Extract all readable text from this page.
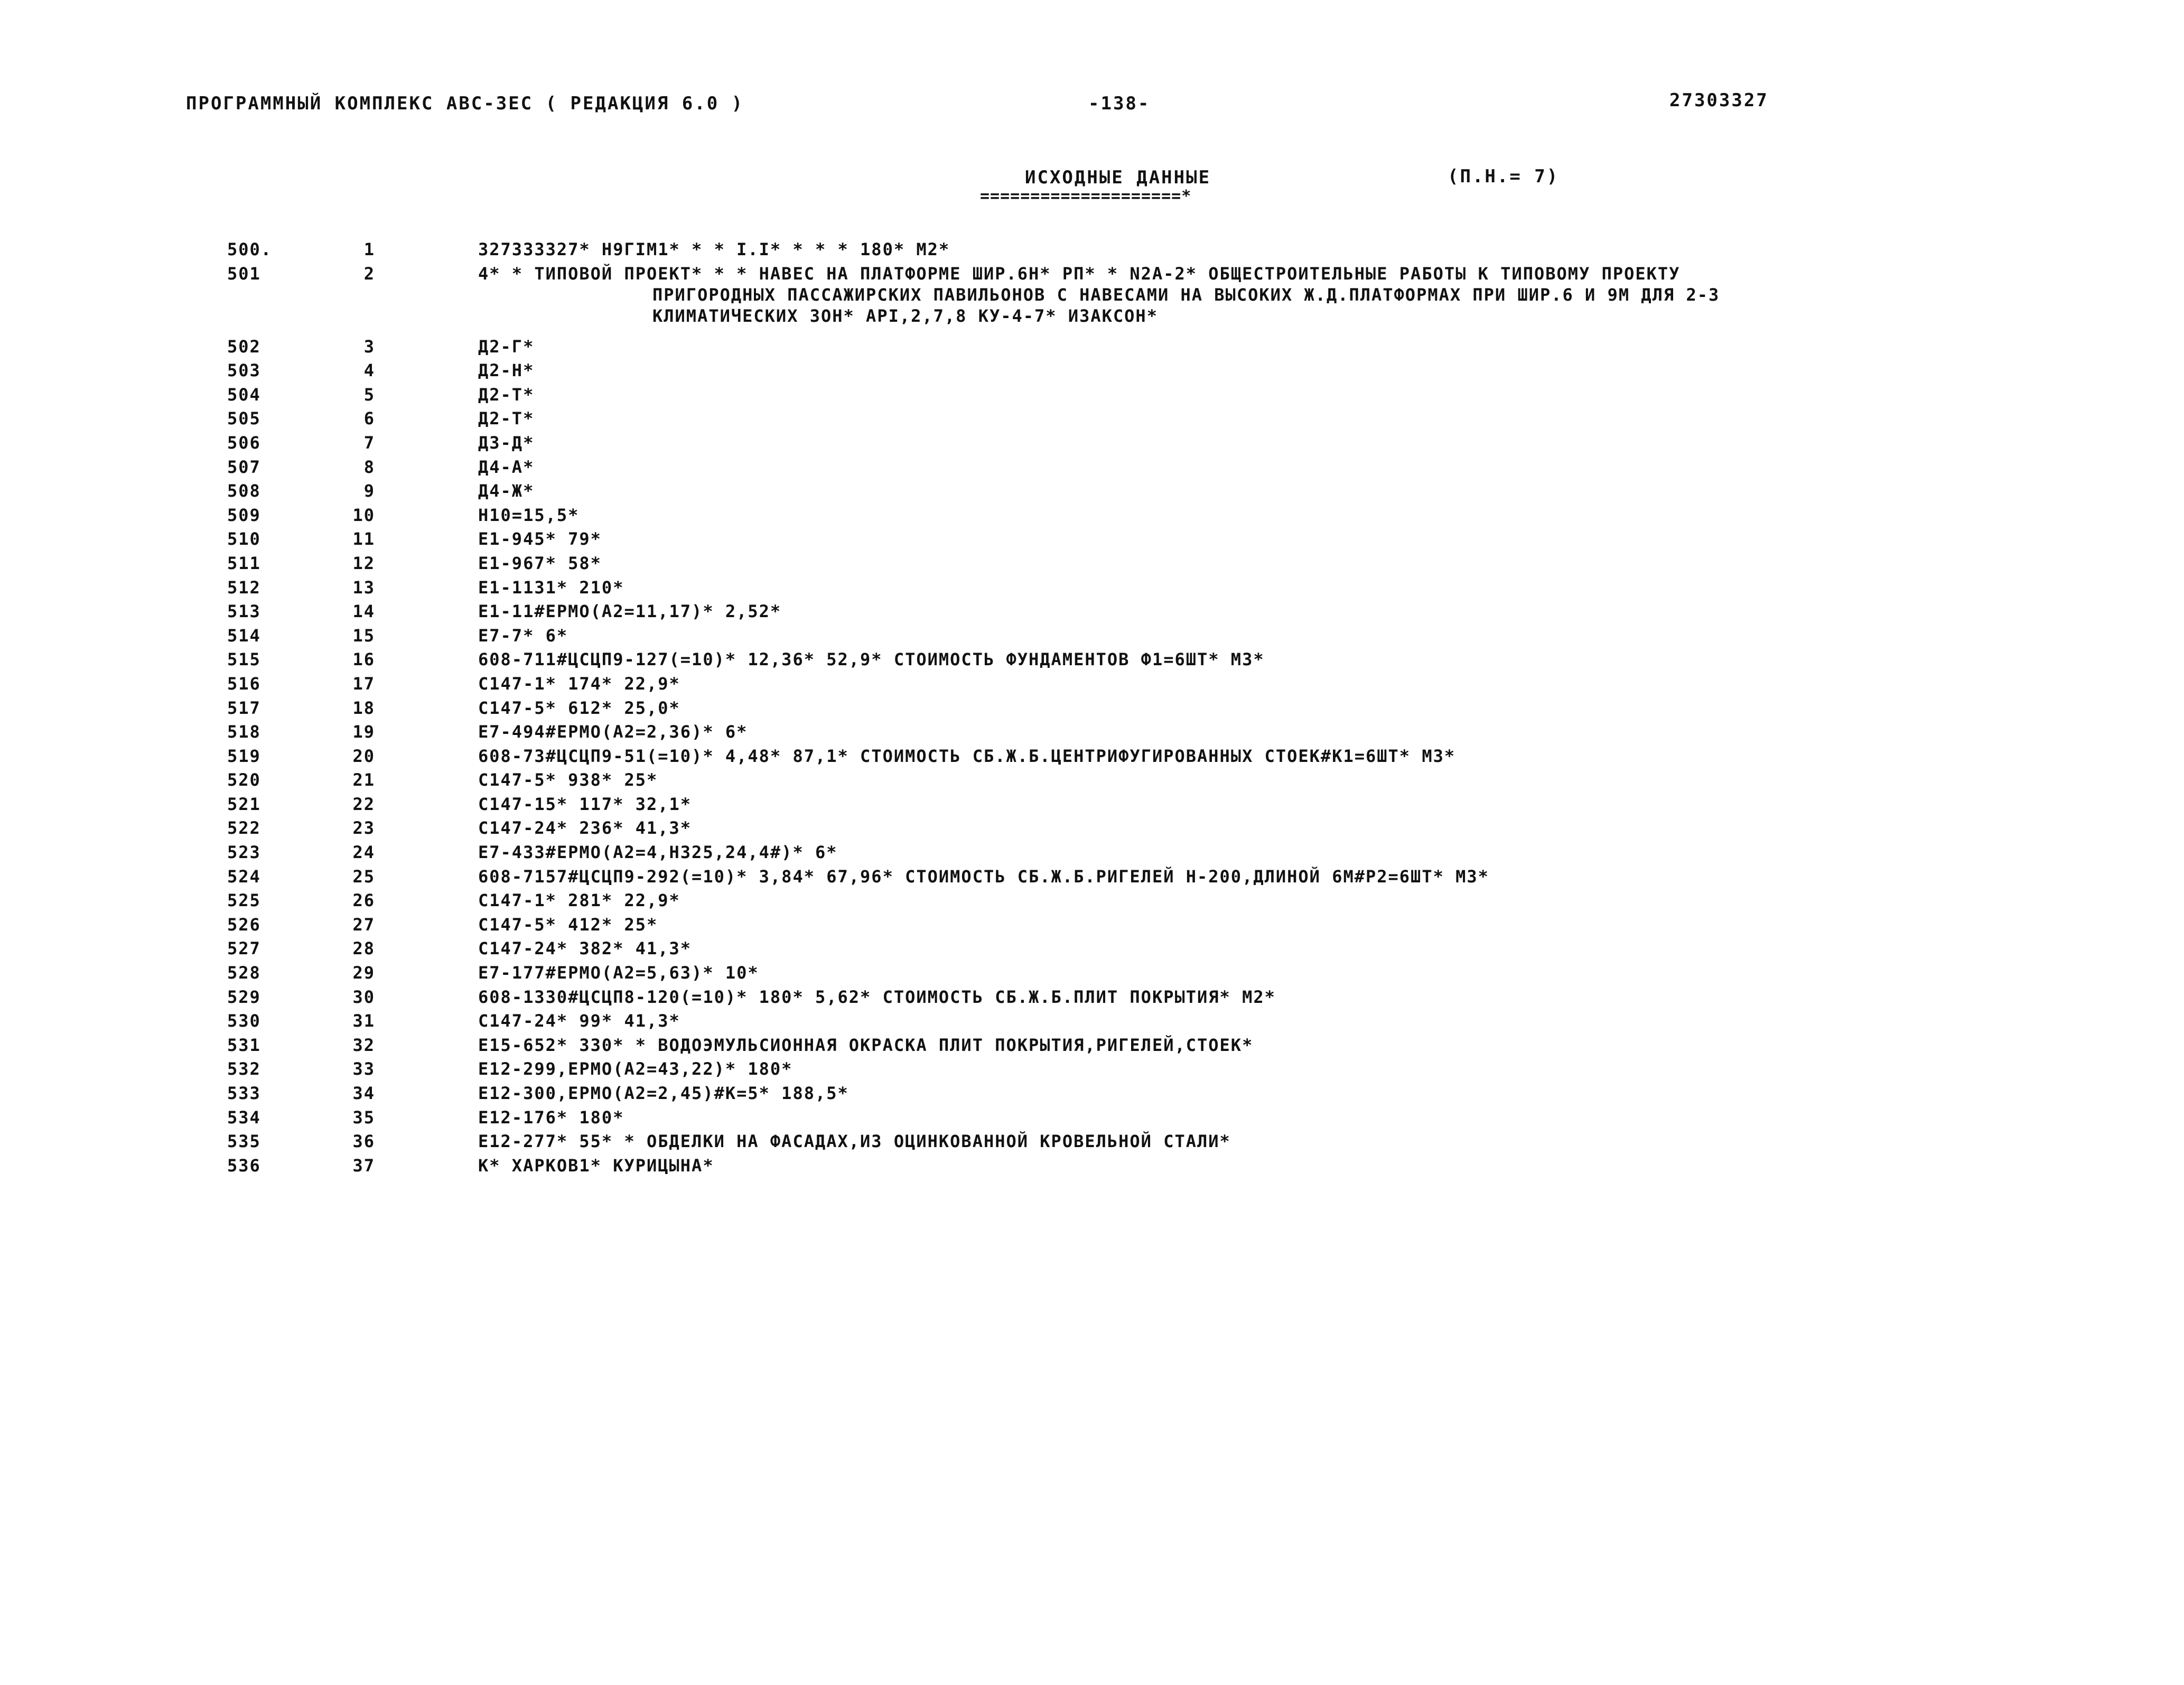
ПРОГРАММНЫЙ КОМПЛЕКС АВС-3ЕС ( РЕДАКЦИЯ 6.0 )	-138-	27303327
ИСХОДНЫЕ ДАННЫЕ	(П.Н.= 7)
====================*
500.	1	327333327* Н9ГІМ1* * * І.І* * * * 180* М2*
501	2	4* * ТИПОВОЙ ПРОЕКТ* * * НАВЕС НА ПЛАТФОРМЕ ШИР.6Н* РП* * N2А-2* ОБЩЕСТРОИТЕЛЬНЫЕ РАБОТЫ К ТИПОВОМУ ПРОЕКТУ
ПРИГОРОДНЫХ ПАССАЖИРСКИХ ПАВИЛЬОНОВ С НАВЕСАМИ НА ВЫСОКИХ Ж.Д.ПЛАТФОРМАХ ПРИ ШИР.6 И 9М ДЛЯ 2-3
КЛИМАТИЧЕСКИХ ЗОН* АРІ,2,7,8 КУ-4-7* ИЗАКСОН*
502	3	Д2-Г*
503	4	Д2-Н*
504	5	Д2-Т*
505	6	Д2-Т*
506	7	Д3-Д*
507	8	Д4-А*
508	9	Д4-Ж*
509	10	Н10=15,5*
510	11	Е1-945* 79*
511	12	Е1-967* 58*
512	13	Е1-1131* 210*
513	14	Е1-11#ЕРМО(А2=11,17)* 2,52*
514	15	Е7-7* 6*
515	16	608-711#ЦСЦП9-127(=10)* 12,36* 52,9* СТОИМОСТЬ ФУНДАМЕНТОВ Ф1=6ШТ* М3*
516	17	С147-1* 174* 22,9*
517	18	С147-5* 612* 25,0*
518	19	Е7-494#ЕРМО(А2=2,36)* 6*
519	20	608-73#ЦСЦП9-51(=10)* 4,48* 87,1* СТОИМОСТЬ СБ.Ж.Б.ЦЕНТРИФУГИРОВАННЫХ СТОЕК#К1=6ШТ* М3*
520	21	С147-5* 938* 25*
521	22	С147-15* 117* 32,1*
522	23	С147-24* 236* 41,3*
523	24	Е7-433#ЕРМО(А2=4,Н325,24,4#)* 6*
524	25	608-7157#ЦСЦП9-292(=10)* 3,84* 67,96* СТОИМОСТЬ СБ.Ж.Б.РИГЕЛЕЙ Н-200,ДЛИНОЙ 6М#Р2=6ШТ* М3*
525	26	С147-1* 281* 22,9*
526	27	С147-5* 412* 25*
527	28	С147-24* 382* 41,3*
528	29	Е7-177#ЕРМО(А2=5,63)* 10*
529	30	608-1330#ЦСЦП8-120(=10)* 180* 5,62* СТОИМОСТЬ СБ.Ж.Б.ПЛИТ ПОКРЫТИЯ* М2*
530	31	С147-24* 99* 41,3*
531	32	Е15-652* 330* * ВОДОЭМУЛЬСИОННАЯ ОКРАСКА ПЛИТ ПОКРЫТИЯ,РИГЕЛЕЙ,СТОЕК*
532	33	Е12-299,ЕРМО(А2=43,22)* 180*
533	34	Е12-300,ЕРМО(А2=2,45)#К=5* 188,5*
534	35	Е12-176* 180*
535	36	Е12-277* 55* * ОБДЕЛКИ НА ФАСАДАХ,ИЗ ОЦИНКОВАННОЙ КРОВЕЛЬНОЙ СТАЛИ*
536	37	К* ХАРКОВ1* КУРИЦЫНА*
